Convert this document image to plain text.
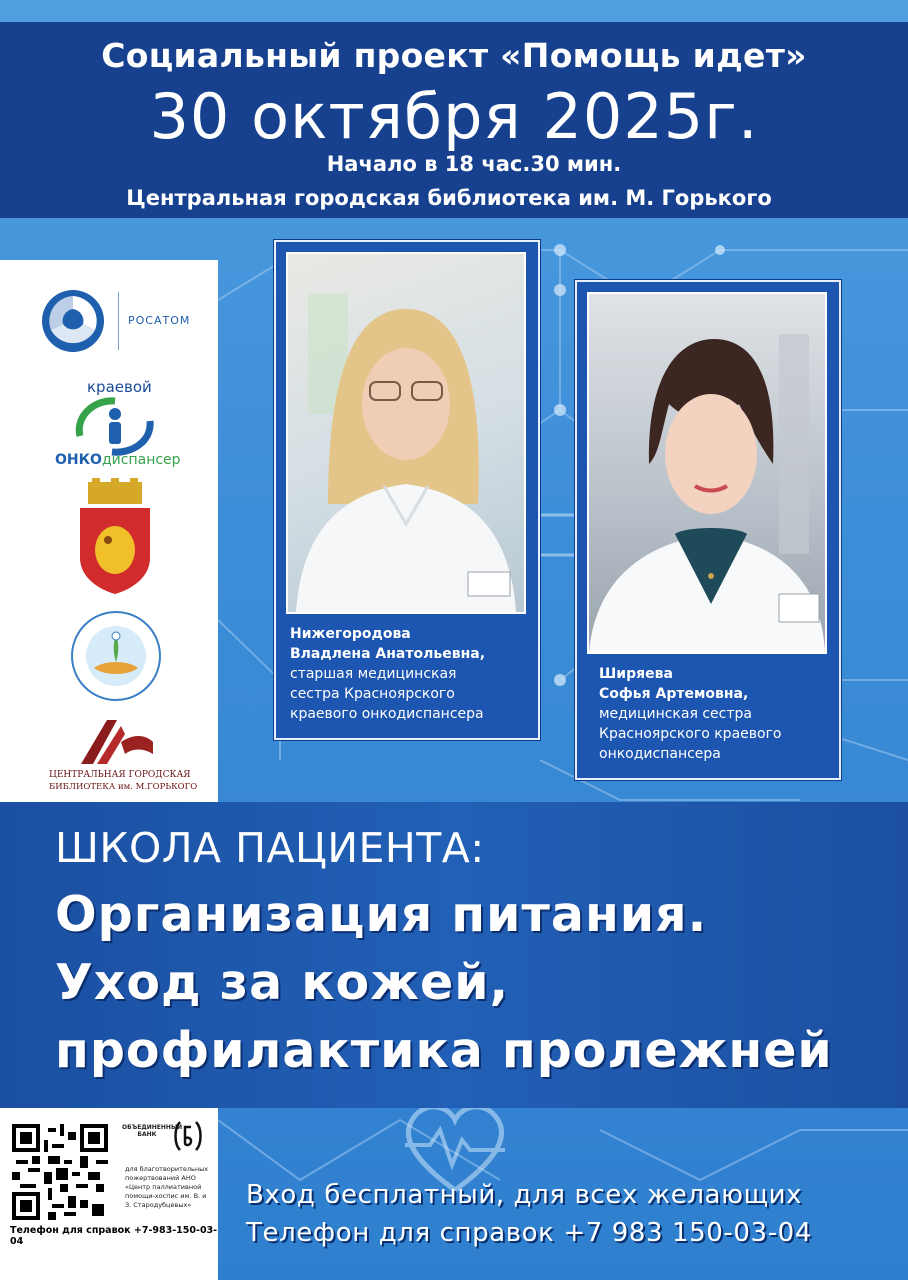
Социальный проект «Помощь идет»
30 октября 2025г.
Начало в 18 час.30 мин.
Центральная городская библиотека им. М. Горького
РОСАТОМ
краевой
ОНКО диспансер
ЦЕНТРАЛЬНАЯ ГОРОДСКАЯ
БИБЛИОТЕКА им. М.ГОРЬКОГО
Нижегородова
Владлена Анатольевна,
старшая медицинская
сестра Красноярского
краевого онкодиспансера
Ширяева
Софья Артемовна,
медицинская сестра
Красноярского краевого
онкодиспансера
ШКОЛА ПАЦИЕНТА:
Организация питания.
Уход за кожей,
профилактика пролежней
ОБЪЕДИНЕННЫЙ БАНК
для благотворительных пожертвований АНО «Центр паллиативной помощи-хоспис им. В. и З. Стародубцевых»
Телефон для справок +7-983-150-03-04
Вход бесплатный, для всех желающих
Телефон для справок +7 983 150-03-04
